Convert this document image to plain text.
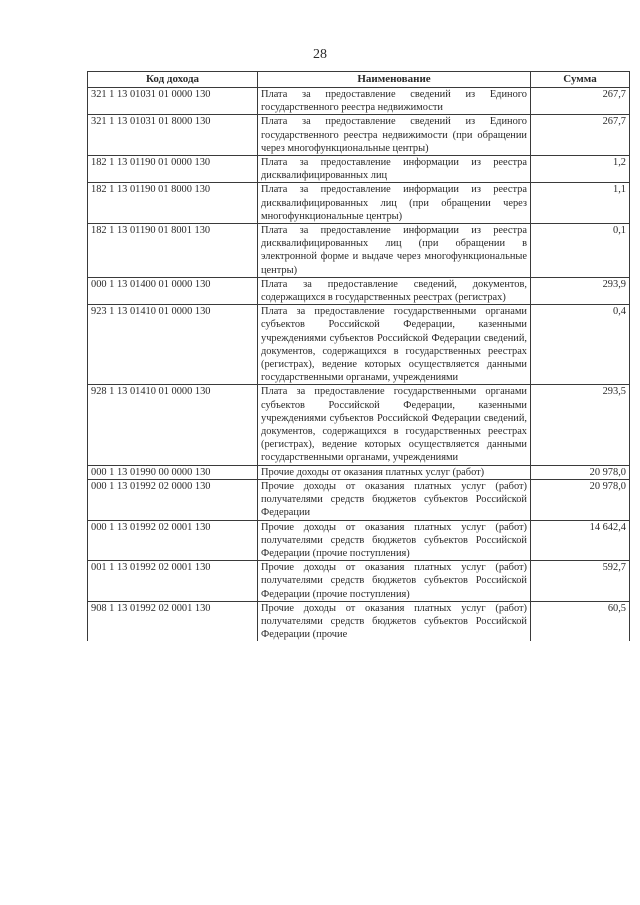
28
Код дохода	Наименование	Сумма
321 1 13 01031 01 0000 130	Плата за предоставление сведений из Единого государственного реестра недвижимости	267,7
321 1 13 01031 01 8000 130	Плата за предоставление сведений из Единого государственного реестра недвижимости (при обращении через многофункциональные центры)	267,7
182 1 13 01190 01 0000 130	Плата за предоставление информации из реестра дисквалифицированных лиц	1,2
182 1 13 01190 01 8000 130	Плата за предоставление информации из реестра дисквалифицированных лиц (при обращении через многофункциональные центры)	1,1
182 1 13 01190 01 8001 130	Плата за предоставление информации из реестра дисквалифицированных лиц (при обращении в электронной форме и выдаче через многофункциональные центры)	0,1
000 1 13 01400 01 0000 130	Плата за предоставление сведений, документов, содержащихся в государственных реестрах (регистрах)	293,9
923 1 13 01410 01 0000 130	Плата за предоставление государственными органами субъектов Российской Федерации, казенными учреждениями субъектов Российской Федерации сведений, документов, содержащихся в государственных реестрах (регистрах), ведение которых осуществляется данными государственными органами, учреждениями	0,4
928 1 13 01410 01 0000 130	Плата за предоставление государственными органами субъектов Российской Федерации, казенными учреждениями субъектов Российской Федерации сведений, документов, содержащихся в государственных реестрах (регистрах), ведение которых осуществляется данными государственными органами, учреждениями	293,5
000 1 13 01990 00 0000 130	Прочие доходы от оказания платных услуг (работ)	20 978,0
000 1 13 01992 02 0000 130	Прочие доходы от оказания платных услуг (работ) получателями средств бюджетов субъектов Российской Федерации	20 978,0
000 1 13 01992 02 0001 130	Прочие доходы от оказания платных услуг (работ) получателями средств бюджетов субъектов Российской Федерации (прочие поступления)	14 642,4
001 1 13 01992 02 0001 130	Прочие доходы от оказания платных услуг (работ) получателями средств бюджетов субъектов Российской Федерации (прочие поступления)	592,7
908 1 13 01992 02 0001 130	Прочие доходы от оказания платных услуг (работ) получателями средств бюджетов субъектов Российской Федерации (прочие	60,5
